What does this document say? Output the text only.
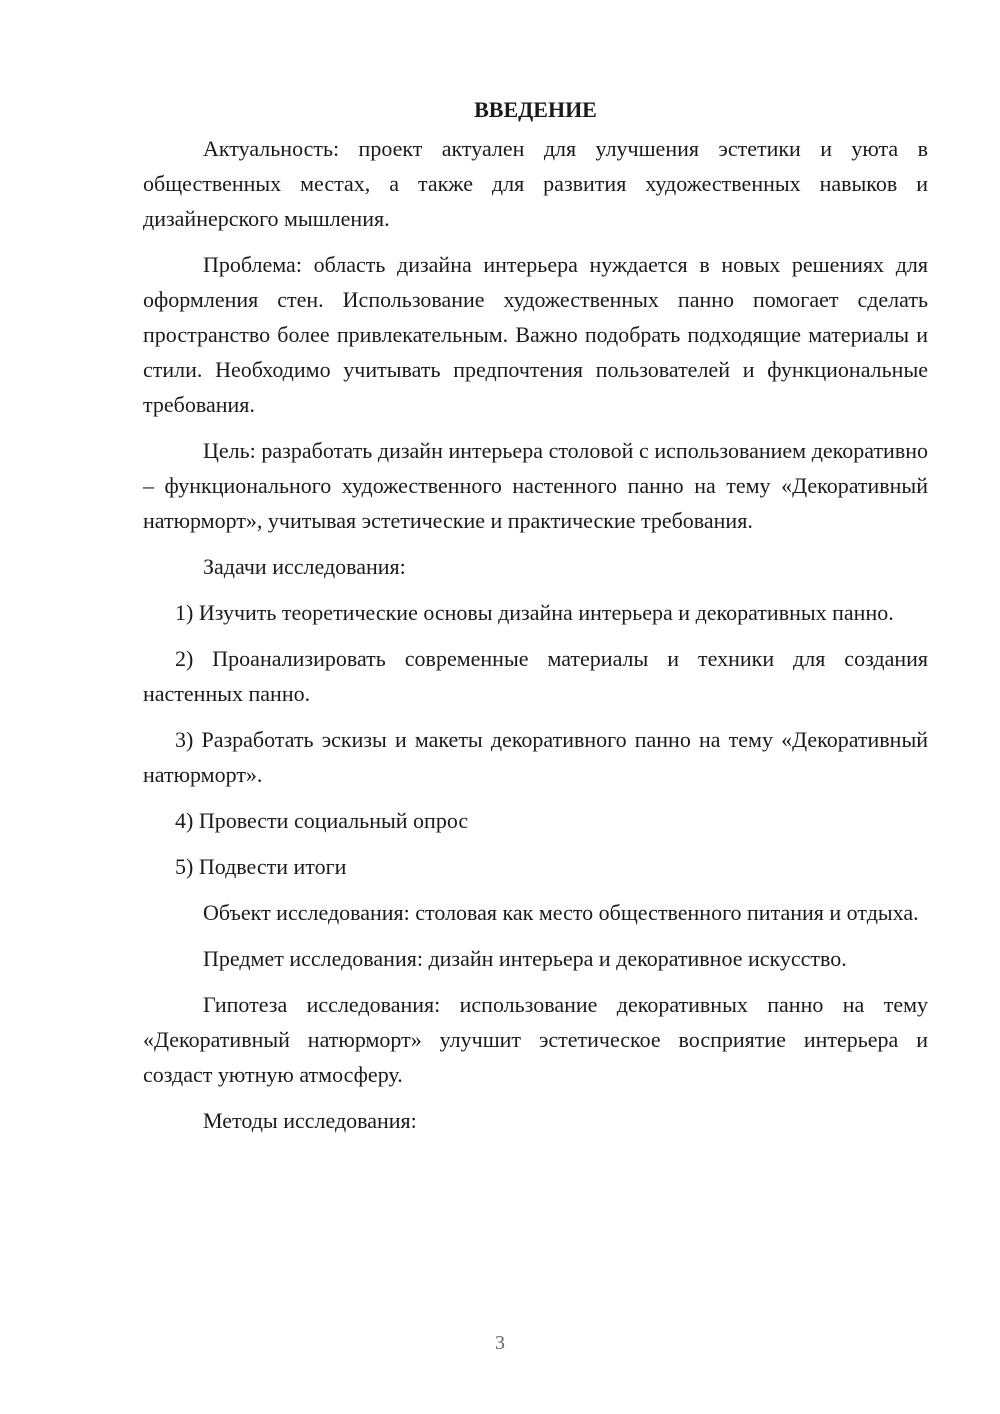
ВВЕДЕНИЕ

Актуальность: проект актуален для улучшения эстетики и уюта в общественных местах, а также для развития художественных навыков и дизайнерского мышления.

Проблема: область дизайна интерьера нуждается в новых решениях для оформления стен. Использование художественных панно помогает сделать пространство более привлекательным. Важно подобрать подходящие материалы и стили. Необходимо учитывать предпочтения пользователей и функциональные требования.

Цель: разработать дизайн интерьера столовой с использованием декоративно – функционального художественного настенного панно на тему «Декоративный натюрморт», учитывая эстетические и практические требования.

Задачи исследования:

1) Изучить теоретические основы дизайна интерьера и декоративных панно.

2) Проанализировать современные материалы и техники для создания настенных панно.

3) Разработать эскизы и макеты декоративного панно на тему «Декоративный натюрморт».

4) Провести социальный опрос

5) Подвести итоги

Объект исследования: столовая как место общественного питания и отдыха.

Предмет исследования: дизайн интерьера и декоративное искусство.

Гипотеза исследования: использование декоративных панно на тему «Декоративный натюрморт» улучшит эстетическое восприятие интерьера и создаст уютную атмосферу.

Методы исследования:

3
